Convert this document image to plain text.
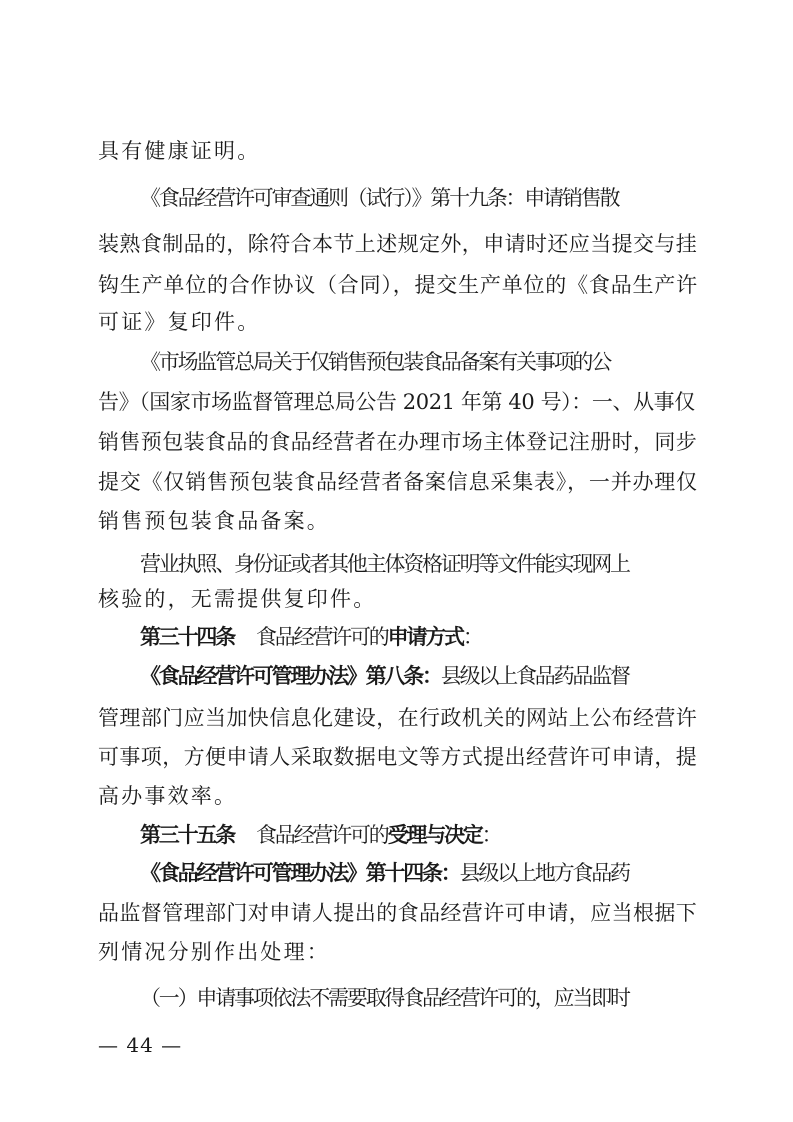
具有健康证明。
《食品经营许可审查通则（试行）》第十九条：申请销售散
装熟食制品的，除符合本节上述规定外，申请时还应当提交与挂
钩生产单位的合作协议（合同），提交生产单位的《食品生产许
可证》复印件。
《市场监管总局关于仅销售预包装食品备案有关事项的公
告》（国家市场监督管理总局公告 2021 年第 40 号）：一、从事仅
销售预包装食品的食品经营者在办理市场主体登记注册时，同步
提交《仅销售预包装食品经营者备案信息采集表》，一并办理仅
销售预包装食品备案。
营业执照、身份证或者其他主体资格证明等文件能实现网上
核验的，无需提供复印件。
第三十四条 食品经营许可的申请方式：
《食品经营许可管理办法》第八条：县级以上食品药品监督
管理部门应当加快信息化建设，在行政机关的网站上公布经营许
可事项，方便申请人采取数据电文等方式提出经营许可申请，提
高办事效率。
第三十五条 食品经营许可的受理与决定：
《食品经营许可管理办法》第十四条：县级以上地方食品药
品监督管理部门对申请人提出的食品经营许可申请，应当根据下
列情况分别作出处理：
（一）申请事项依法不需要取得食品经营许可的，应当即时
— 44 —
